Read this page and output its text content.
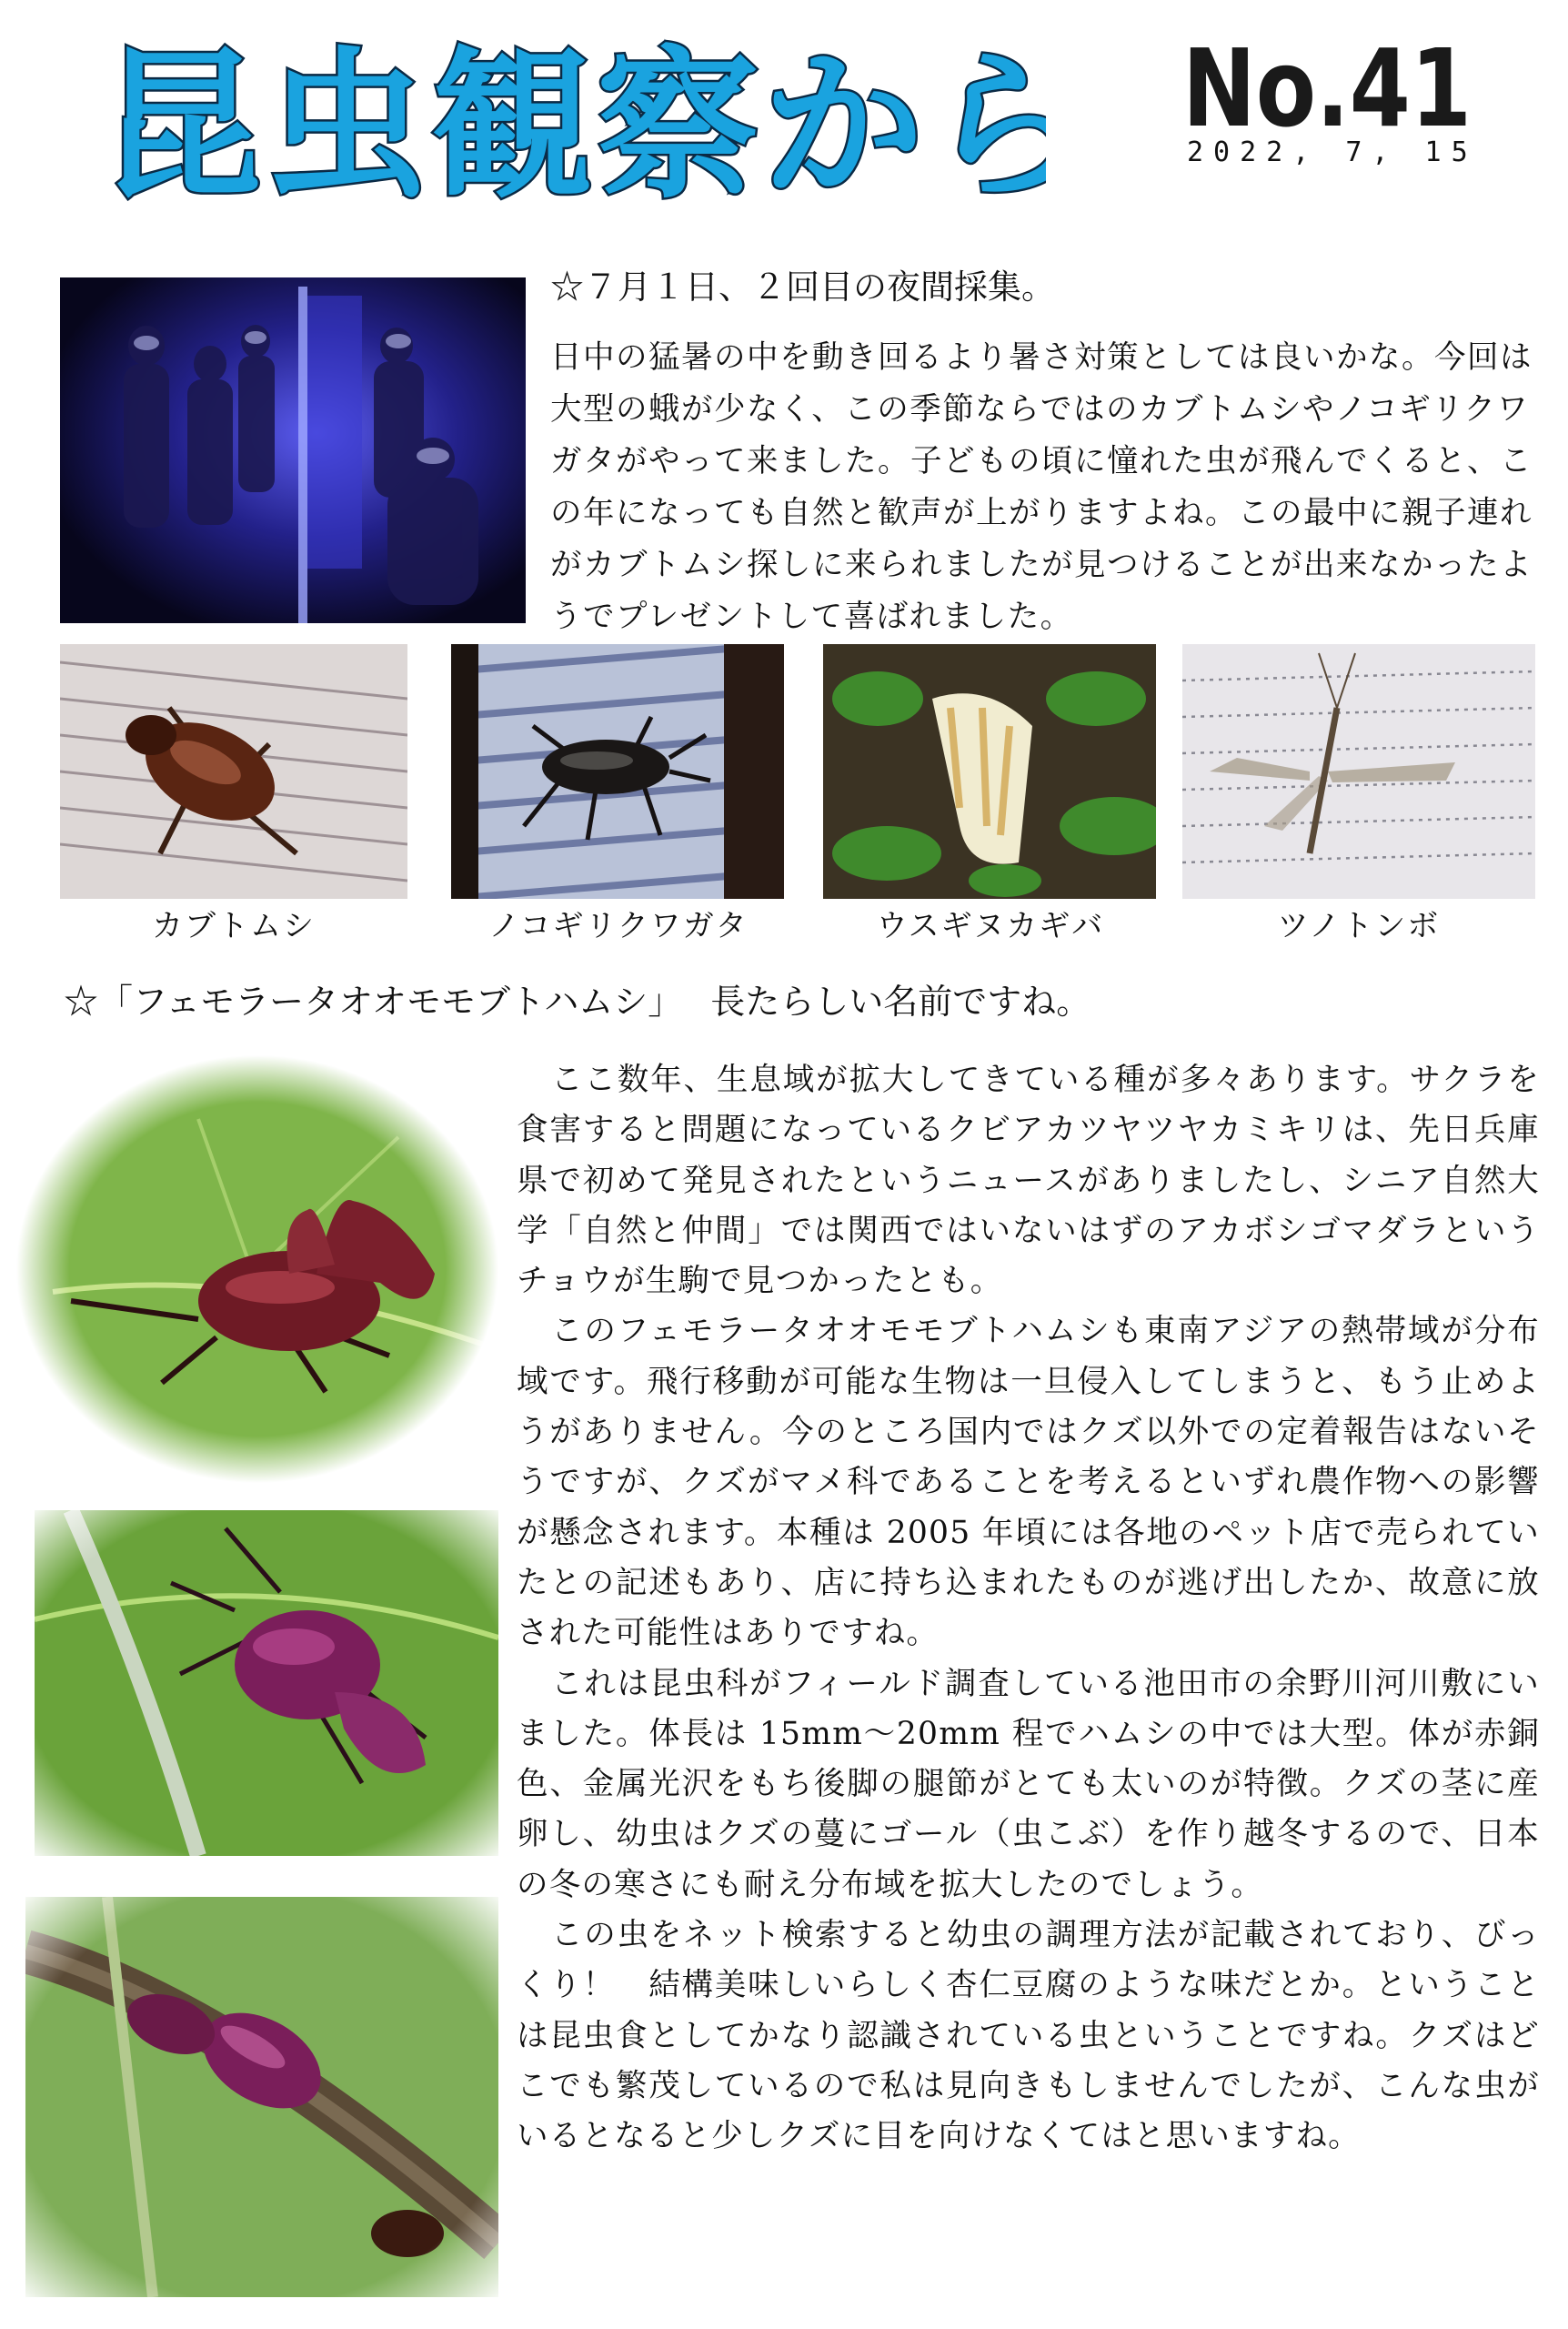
昆虫観察から No.41
2022, 7, 15
☆７月１日、２回目の夜間採集。
日中の猛暑の中を動き回るより暑さ対策としては良いかな。今回は大型の蛾が少なく、この季節ならではのカブトムシやノコギリクワガタがやって来ました。子どもの頃に憧れた虫が飛んでくると、この年になっても自然と歓声が上がりますよね。この最中に親子連れがカブトムシ探しに来られましたが見つけることが出来なかったようでプレゼントして喜ばれました。
カブトムシ	ノコギリクワガタ	ウスギヌカギバ	ツノトンボ
☆「フェモラータオオモモブトハムシ」　 長たらしい名前ですね。

ここ数年、生息域が拡大してきている種が多々あります。サクラを食害すると問題になっているクビアカツヤツヤカミキリは、先日兵庫県で初めて発見されたというニュースがありましたし、シニア自然大学「自然と仲間」では関西ではいないはずのアカボシゴマダラというチョウが生駒で見つかったとも。

このフェモラータオオモモブトハムシも東南アジアの熱帯域が分布域です。飛行移動が可能な生物は一旦侵入してしまうと、もう止めようがありません。今のところ国内ではクズ以外での定着報告はないそうですが、クズがマメ科であることを考えるといずれ農作物への影響が懸念されます。本種は 2005 年頃には各地のペット店で売られていたとの記述もあり、店に持ち込まれたものが逃げ出したか、故意に放された可能性はありですね。

これは昆虫科がフィールド調査している池田市の余野川河川敷にいました。体長は 15mm～20mm 程でハムシの中では大型。体が赤銅色、金属光沢をもち後脚の腿節がとても太いのが特徴。クズの茎に産卵し、幼虫はクズの蔓にゴール（虫こぶ）を作り越冬するので、日本の冬の寒さにも耐え分布域を拡大したのでしょう。

この虫をネット検索すると幼虫の調理方法が記載されており、びっくり！　結構美味しいらしく杏仁豆腐のような味だとか。ということは昆虫食としてかなり認識されている虫ということですね。クズはどこでも繁茂しているので私は見向きもしませんでしたが、こんな虫がいるとなると少しクズに目を向けなくてはと思いますね。
